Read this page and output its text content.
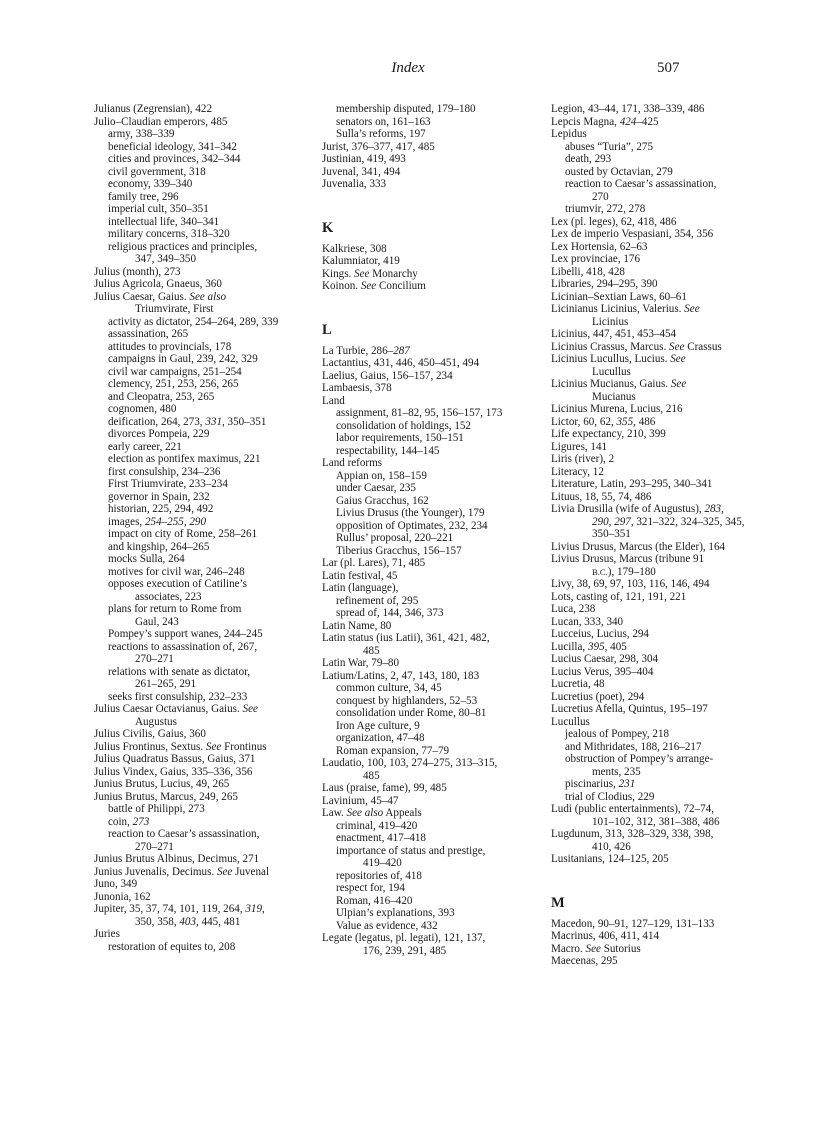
Index	507
Julianus (Zegrensian), 422
Julio–Claudian emperors, 485
army, 338–339
beneficial ideology, 341–342
cities and provinces, 342–344
civil government, 318
economy, 339–340
family tree, 296
imperial cult, 350–351
intellectual life, 340–341
military concerns, 318–320
religious practices and principles,
347, 349–350
Julius (month), 273
Julius Agricola, Gnaeus, 360
Julius Caesar, Gaius. See also
Triumvirate, First
activity as dictator, 254–264, 289, 339
assassination, 265
attitudes to provincials, 178
campaigns in Gaul, 239, 242, 329
civil war campaigns, 251–254
clemency, 251, 253, 256, 265
and Cleopatra, 253, 265
cognomen, 480
deification, 264, 273, 331, 350–351
divorces Pompeia, 229
early career, 221
election as pontifex maximus, 221
first consulship, 234–236
First Triumvirate, 233–234
governor in Spain, 232
historian, 225, 294, 492
images, 254–255, 290
impact on city of Rome, 258–261
and kingship, 264–265
mocks Sulla, 264
motives for civil war, 246–248
opposes execution of Catiline’s
associates, 223
plans for return to Rome from
Gaul, 243
Pompey’s support wanes, 244–245
reactions to assassination of, 267,
270–271
relations with senate as dictator,
261–265, 291
seeks first consulship, 232–233
Julius Caesar Octavianus, Gaius. See
Augustus
Julius Civilis, Gaius, 360
Julius Frontinus, Sextus. See Frontinus
Julius Quadratus Bassus, Gaius, 371
Julius Vindex, Gaius, 335–336, 356
Junius Brutus, Lucius, 49, 265
Junius Brutus, Marcus, 249, 265
battle of Philippi, 273
coin, 273
reaction to Caesar’s assassination,
270–271
Junius Brutus Albinus, Decimus, 271
Junius Juvenalis, Decimus. See Juvenal
Juno, 349
Junonia, 162
Jupiter, 35, 37, 74, 101, 119, 264, 319,
350, 358, 403, 445, 481
Juries
restoration of equites to, 208
membership disputed, 179–180
senators on, 161–163
Sulla’s reforms, 197
Jurist, 376–377, 417, 485
Justinian, 419, 493
Juvenal, 341, 494
Juvenalia, 333
K
Kalkriese, 308
Kalumniator, 419
Kings. See Monarchy
Koinon. See Concilium
L
La Turbie, 286–287
Lactantius, 431, 446, 450–451, 494
Laelius, Gaius, 156–157, 234
Lambaesis, 378
Land
assignment, 81–82, 95, 156–157, 173
consolidation of holdings, 152
labor requirements, 150–151
respectability, 144–145
Land reforms
Appian on, 158–159
under Caesar, 235
Gaius Gracchus, 162
Livius Drusus (the Younger), 179
opposition of Optimates, 232, 234
Rullus’ proposal, 220–221
Tiberius Gracchus, 156–157
Lar (pl. Lares), 71, 485
Latin festival, 45
Latin (language),
refinement of, 295
spread of, 144, 346, 373
Latin Name, 80
Latin status (ius Latii), 361, 421, 482,
485
Latin War, 79–80
Latium/Latins, 2, 47, 143, 180, 183
common culture, 34, 45
conquest by highlanders, 52–53
consolidation under Rome, 80–81
Iron Age culture, 9
organization, 47–48
Roman expansion, 77–79
Laudatio, 100, 103, 274–275, 313–315,
485
Laus (praise, fame), 99, 485
Lavinium, 45–47
Law. See also Appeals
criminal, 419–420
enactment, 417–418
importance of status and prestige,
419–420
repositories of, 418
respect for, 194
Roman, 416–420
Ulpian’s explanations, 393
Value as evidence, 432
Legate (legatus, pl. legati), 121, 137,
176, 239, 291, 485
Legion, 43–44, 171, 338–339, 486
Lepcis Magna, 424–425
Lepidus
abuses “Turia”, 275
death, 293
ousted by Octavian, 279
reaction to Caesar’s assassination,
270
triumvir, 272, 278
Lex (pl. leges), 62, 418, 486
Lex de imperio Vespasiani, 354, 356
Lex Hortensia, 62–63
Lex provinciae, 176
Libelli, 418, 428
Libraries, 294–295, 390
Licinian–Sextian Laws, 60–61
Licinianus Licinius, Valerius. See
Licinius
Licinius, 447, 451, 453–454
Licinius Crassus, Marcus. See Crassus
Licinius Lucullus, Lucius. See
Lucullus
Licinius Mucianus, Gaius. See
Mucianus
Licinius Murena, Lucius, 216
Lictor, 60, 62, 355, 486
Life expectancy, 210, 399
Ligures, 141
Liris (river), 2
Literacy, 12
Literature, Latin, 293–295, 340–341
Lituus, 18, 55, 74, 486
Livia Drusilla (wife of Augustus), 283,
290, 297, 321–322, 324–325, 345,
350–351
Livius Drusus, Marcus (the Elder), 164
Livius Drusus, Marcus (tribune 91
B.C.), 179–180
Livy, 38, 69, 97, 103, 116, 146, 494
Lots, casting of, 121, 191, 221
Luca, 238
Lucan, 333, 340
Lucceius, Lucius, 294
Lucilla, 395, 405
Lucius Caesar, 298, 304
Lucius Verus, 395–404
Lucretia, 48
Lucretius (poet), 294
Lucretius Afella, Quintus, 195–197
Lucullus
jealous of Pompey, 218
and Mithridates, 188, 216–217
obstruction of Pompey’s arrange-
ments, 235
piscinarius, 231
trial of Clodius, 229
Ludi (public entertainments), 72–74,
101–102, 312, 381–388, 486
Lugdunum, 313, 328–329, 338, 398,
410, 426
Lusitanians, 124–125, 205
M
Macedon, 90–91, 127–129, 131–133
Macrinus, 406, 411, 414
Macro. See Sutorius
Maecenas, 295
